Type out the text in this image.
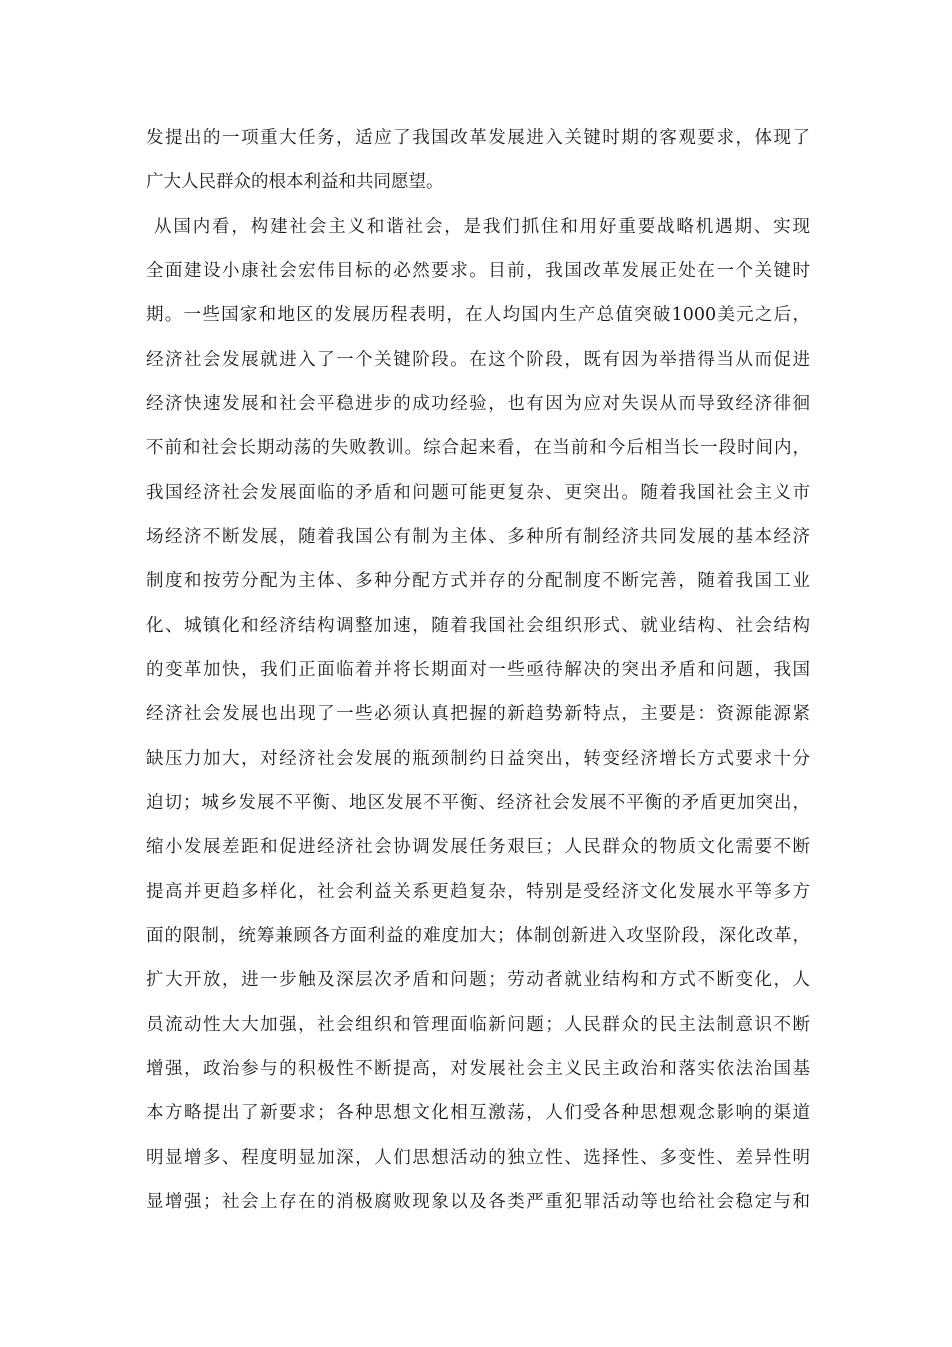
发提出的一项重大任务，适应了我国改革发展进入关键时期的客观要求，体现了
广大人民群众的根本利益和共同愿望。
从国内看，构建社会主义和谐社会，是我们抓住和用好重要战略机遇期、实现
全面建设小康社会宏伟目标的必然要求。目前，我国改革发展正处在一个关键时
期。一些国家和地区的发展历程表明，在人均国内生产总值突破1000美元之后，
经济社会发展就进入了一个关键阶段。在这个阶段，既有因为举措得当从而促进
经济快速发展和社会平稳进步的成功经验，也有因为应对失误从而导致经济徘徊
不前和社会长期动荡的失败教训。综合起来看，在当前和今后相当长一段时间内，
我国经济社会发展面临的矛盾和问题可能更复杂、更突出。随着我国社会主义市
场经济不断发展，随着我国公有制为主体、多种所有制经济共同发展的基本经济
制度和按劳分配为主体、多种分配方式并存的分配制度不断完善，随着我国工业
化、城镇化和经济结构调整加速，随着我国社会组织形式、就业结构、社会结构
的变革加快，我们正面临着并将长期面对一些亟待解决的突出矛盾和问题，我国
经济社会发展也出现了一些必须认真把握的新趋势新特点，主要是：资源能源紧
缺压力加大，对经济社会发展的瓶颈制约日益突出，转变经济增长方式要求十分
迫切；城乡发展不平衡、地区发展不平衡、经济社会发展不平衡的矛盾更加突出，
缩小发展差距和促进经济社会协调发展任务艰巨；人民群众的物质文化需要不断
提高并更趋多样化，社会利益关系更趋复杂，特别是受经济文化发展水平等多方
面的限制，统筹兼顾各方面利益的难度加大；体制创新进入攻坚阶段，深化改革，
扩大开放，进一步触及深层次矛盾和问题；劳动者就业结构和方式不断变化，人
员流动性大大加强，社会组织和管理面临新问题；人民群众的民主法制意识不断
增强，政治参与的积极性不断提高，对发展社会主义民主政治和落实依法治国基
本方略提出了新要求；各种思想文化相互激荡，人们受各种思想观念影响的渠道
明显增多、程度明显加深，人们思想活动的独立性、选择性、多变性、差异性明
显增强；社会上存在的消极腐败现象以及各类严重犯罪活动等也给社会稳定与和
